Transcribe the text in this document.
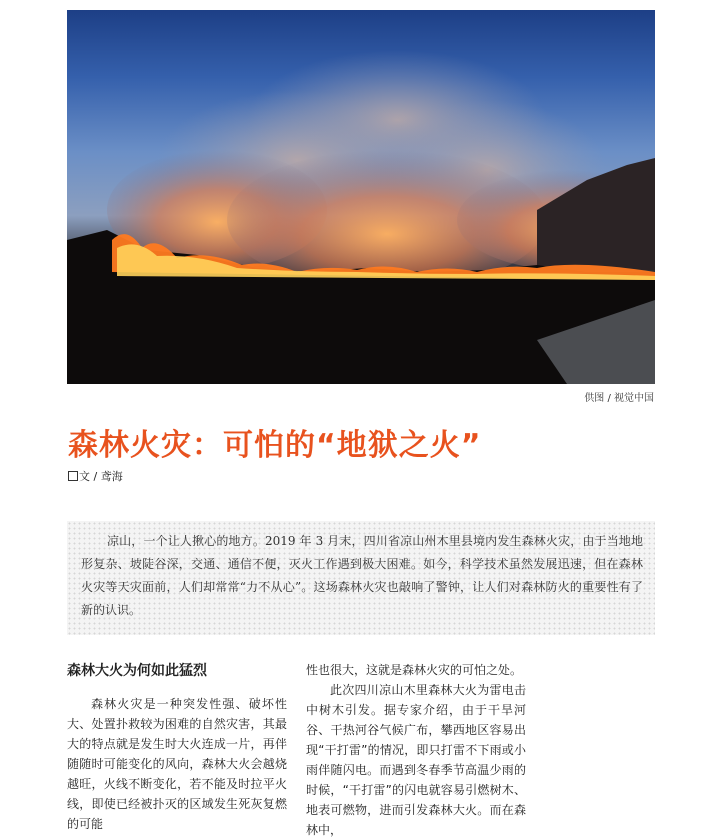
供图 / 视觉中国
森林火灾：可怕的“地狱之火”
文 / 鸢海

凉山，一个让人揪心的地方。2019 年 3 月末，四川省凉山州木里县境内发生森林火灾，由于当地地形复杂、坡陡谷深，交通、通信不便，灭火工作遇到极大困难。如今，科学技术虽然发展迅速，但在森林火灾等天灾面前，人们却常常“力不从心”。这场森林火灾也敲响了警钟，让人们对森林防火的重要性有了新的认识。

森林大火为何如此猛烈

森林火灾是一种突发性强、破坏性大、处置扑救较为困难的自然灾害，其最大的特点就是发生时大火连成一片，再伴随随时可能变化的风向，森林大火会越烧越旺，火线不断变化，若不能及时拉平火线，即使已经被扑灭的区域发生死灰复燃的可能

性也很大，这就是森林火灾的可怕之处。

此次四川凉山木里森林大火为雷电击中树木引发。据专家介绍，由于干旱河谷、干热河谷气候广布，攀西地区容易出现“干打雷”的情况，即只打雷不下雨或小雨伴随闪电。而遇到冬春季节高温少雨的时候，“干打雷”的闪电就容易引燃树木、地表可燃物，进而引发森林大火。而在森林中，
